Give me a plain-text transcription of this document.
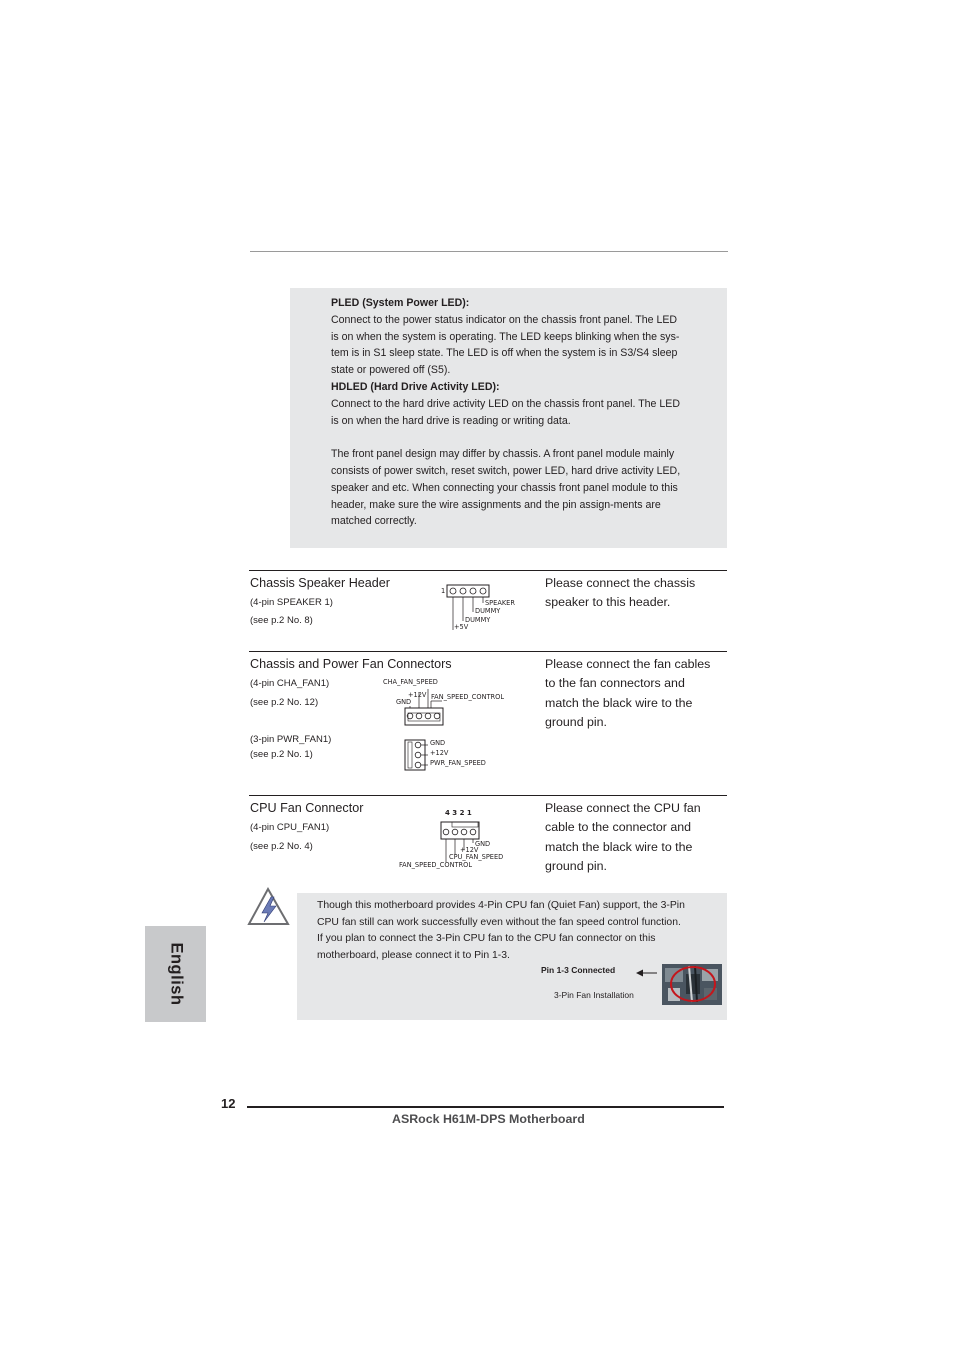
PLED (System Power LED):
Connect to the power status indicator on the chassis front panel. The LED
is on when the system is operating. The LED keeps blinking when the sys-
tem is in S1 sleep state. The LED is off when the system is in S3/S4 sleep
state or powered off (S5).
HDLED (Hard Drive Activity LED):
Connect to the hard drive activity LED on the chassis front panel. The LED
is on when the hard drive is reading or writing data.
The front panel design may differ by chassis. A front panel module mainly
consists of power switch, reset switch, power LED, hard drive activity LED,
speaker and etc. When connecting your chassis front panel module to this
header, make sure the wire assignments and the pin assign-ments are
matched correctly.
Chassis Speaker Header
(4-pin SPEAKER 1)
(see p.2 No. 8)
1
SPEAKER
DUMMY
DUMMY
+5V
Please connect the chassis
speaker to this header.
Chassis and Power Fan Connectors
(4-pin CHA_FAN1)
(see p.2 No. 12)
(3-pin PWR_FAN1)
(see p.2 No. 1)
CHA_FAN_SPEED
+12V FAN_SPEED_CONTROL
GND
GND
+12V
PWR_FAN_SPEED
Please connect the fan cables
to the fan connectors and
match the black wire to the
ground pin.
CPU Fan Connector
(4-pin CPU_FAN1)
(see p.2 No. 4)
4 3 2 1
GND
+12V
CPU_FAN_SPEED
FAN_SPEED_CONTROL
Please connect the CPU fan
cable to the connector and
match the black wire to the
ground pin.
Though this motherboard provides 4-Pin CPU fan (Quiet Fan) support, the 3-Pin
CPU fan still can work successfully even without the fan speed control function.
If you plan to connect the 3-Pin CPU fan to the CPU fan connector on this
motherboard, please connect it to Pin 1-3.
Pin 1-3 Connected
3-Pin Fan Installation
English
12
ASRock H61M-DPS Motherboard
